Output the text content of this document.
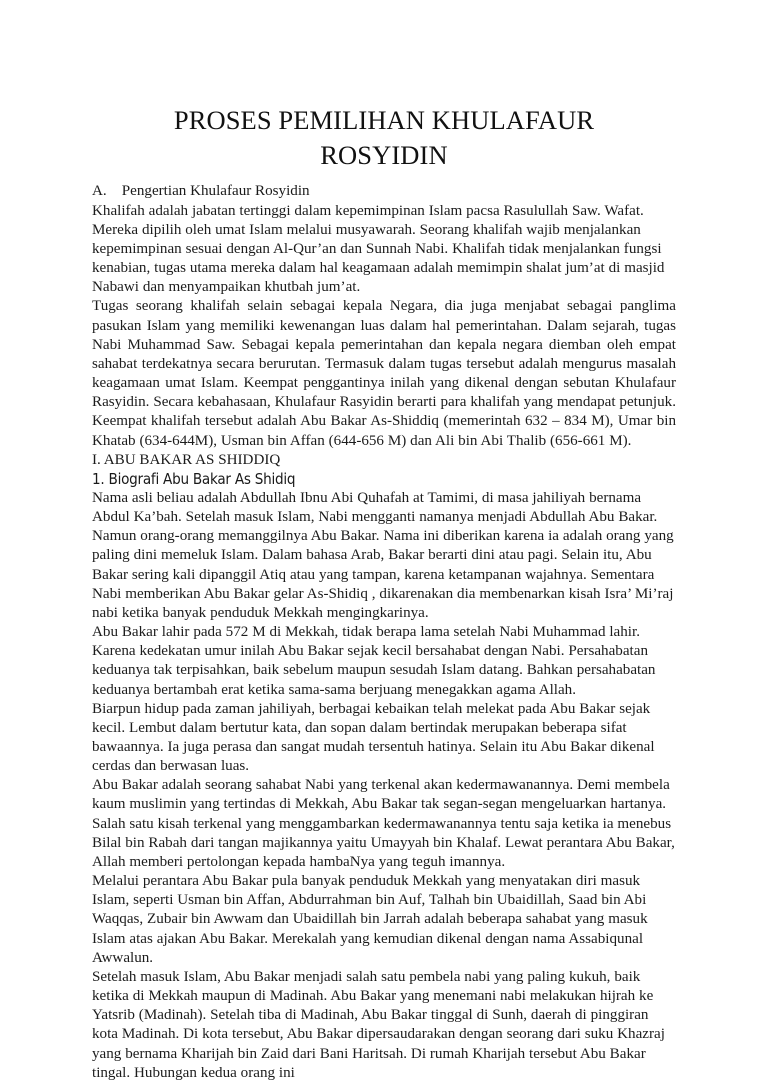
PROSES PEMILIHAN KHULAFAUR ROSYIDIN

A. Pengertian Khulafaur Rosyidin

Khalifah adalah jabatan tertinggi dalam kepemimpinan Islam pacsa Rasulullah Saw. Wafat. Mereka dipilih oleh umat Islam melalui musyawarah. Seorang khalifah wajib menjalankan kepemimpinan sesuai dengan Al-Qur’an dan Sunnah Nabi. Khalifah tidak menjalankan fungsi kenabian, tugas utama mereka dalam hal keagamaan adalah memimpin shalat jum’at di masjid Nabawi dan menyampaikan khutbah jum’at.

Tugas seorang khalifah selain sebagai kepala Negara, dia juga menjabat sebagai panglima pasukan Islam yang memiliki kewenangan luas dalam hal pemerintahan. Dalam sejarah, tugas Nabi Muhammad Saw. Sebagai kepala pemerintahan dan kepala negara diemban oleh empat sahabat terdekatnya secara berurutan. Termasuk dalam tugas tersebut adalah mengurus masalah keagamaan umat Islam. Keempat penggantinya inilah yang dikenal dengan sebutan Khulafaur Rasyidin. Secara kebahasaan, Khulafaur Rasyidin berarti para khalifah yang mendapat petunjuk. Keempat khalifah tersebut adalah Abu Bakar As-Shiddiq (memerintah 632 – 834 M), Umar bin Khatab (634-644M), Usman bin Affan (644-656 M) dan Ali bin Abi Thalib (656-661 M).

I. ABU BAKAR AS SHIDDIQ

1. Biografi Abu Bakar As Shidiq

Nama asli beliau adalah Abdullah Ibnu Abi Quhafah at Tamimi, di masa jahiliyah bernama Abdul Ka’bah. Setelah masuk Islam, Nabi mengganti namanya menjadi Abdullah Abu Bakar. Namun orang-orang memanggilnya Abu Bakar. Nama ini diberikan karena ia adalah orang yang paling dini memeluk Islam. Dalam bahasa Arab, Bakar berarti dini atau pagi. Selain itu, Abu Bakar sering kali dipanggil Atiq atau yang tampan, karena ketampanan wajahnya. Sementara Nabi memberikan Abu Bakar gelar As-Shidiq , dikarenakan dia membenarkan kisah Isra’ Mi’raj nabi ketika banyak penduduk Mekkah mengingkarinya.

Abu Bakar lahir pada 572 M di Mekkah, tidak berapa lama setelah Nabi Muhammad lahir. Karena kedekatan umur inilah Abu Bakar sejak kecil bersahabat dengan Nabi. Persahabatan keduanya tak terpisahkan, baik sebelum maupun sesudah Islam datang. Bahkan persahabatan keduanya bertambah erat ketika sama-sama berjuang menegakkan agama Allah.

Biarpun hidup pada zaman jahiliyah, berbagai kebaikan telah melekat pada Abu Bakar sejak kecil. Lembut dalam bertutur kata, dan sopan dalam bertindak merupakan beberapa sifat bawaannya. Ia juga perasa dan sangat mudah tersentuh hatinya. Selain itu Abu Bakar dikenal cerdas dan berwasan luas.

Abu Bakar adalah seorang sahabat Nabi yang terkenal akan kedermawanannya. Demi membela kaum muslimin yang tertindas di Mekkah, Abu Bakar tak segan-segan mengeluarkan hartanya. Salah satu kisah terkenal yang menggambarkan kedermawanannya tentu saja ketika ia menebus Bilal bin Rabah dari tangan majikannya yaitu Umayyah bin Khalaf. Lewat perantara Abu Bakar, Allah memberi pertolongan kepada hambaNya yang teguh imannya.

Melalui perantara Abu Bakar pula banyak penduduk Mekkah yang menyatakan diri masuk Islam, seperti Usman bin Affan, Abdurrahman bin Auf, Talhah bin Ubaidillah, Saad bin Abi Waqqas, Zubair bin Awwam dan Ubaidillah bin Jarrah adalah beberapa sahabat yang masuk Islam atas ajakan Abu Bakar. Merekalah yang kemudian dikenal dengan nama Assabiqunal Awwalun.

Setelah masuk Islam, Abu Bakar menjadi salah satu pembela nabi yang paling kukuh, baik ketika di Mekkah maupun di Madinah. Abu Bakar yang menemani nabi melakukan hijrah ke Yatsrib (Madinah). Setelah tiba di Madinah, Abu Bakar tinggal di Sunh, daerah di pinggiran kota Madinah. Di kota tersebut, Abu Bakar dipersaudarakan dengan seorang dari suku Khazraj yang bernama Kharijah bin Zaid dari Bani Haritsah. Di rumah Kharijah tersebut Abu Bakar tingal. Hubungan kedua orang ini
